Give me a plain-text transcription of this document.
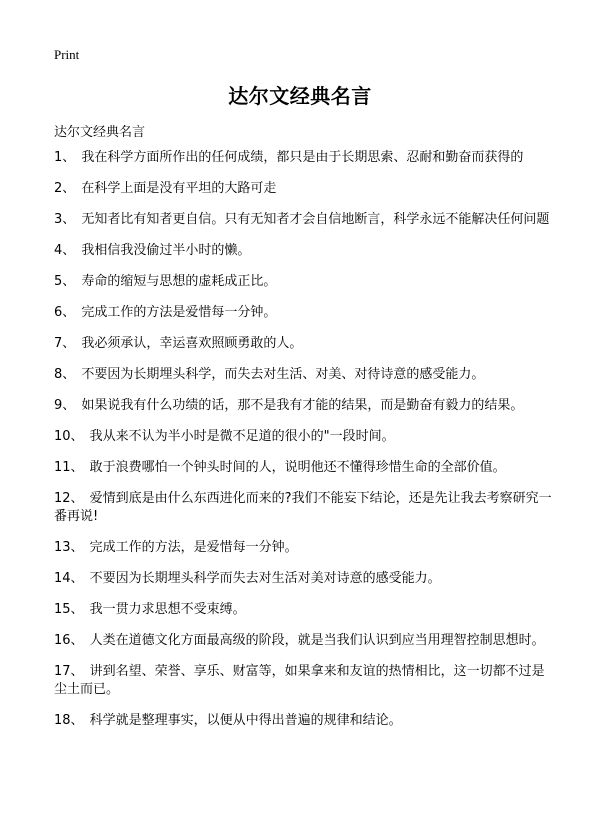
Print
达尔文经典名言

达尔文经典名言

1、 我在科学方面所作出的任何成绩，都只是由于长期思索、忍耐和勤奋而获得的
2、 在科学上面是没有平坦的大路可走
3、 无知者比有知者更自信。只有无知者才会自信地断言，科学永远不能解决任何问题
4、 我相信我没偷过半小时的懒。
5、 寿命的缩短与思想的虚耗成正比。
6、 完成工作的方法是爱惜每一分钟。
7、 我必须承认，幸运喜欢照顾勇敢的人。
8、 不要因为长期埋头科学，而失去对生活、对美、对待诗意的感受能力。
9、 如果说我有什么功绩的话，那不是我有才能的结果，而是勤奋有毅力的结果。
10、 我从来不认为半小时是微不足道的很小的"一段时间。
11、 敢于浪费哪怕一个钟头时间的人，说明他还不懂得珍惜生命的全部价值。
12、 爱情到底是由什么东西进化而来的?我们不能妄下结论，还是先让我去考察研究一番再说!
13、 完成工作的方法，是爱惜每一分钟。
14、 不要因为长期埋头科学而失去对生活对美对诗意的感受能力。
15、 我一贯力求思想不受束缚。
16、 人类在道德文化方面最高级的阶段，就是当我们认识到应当用理智控制思想时。
17、 讲到名望、荣誉、享乐、财富等，如果拿来和友谊的热情相比，这一切都不过是尘土而已。
18、 科学就是整理事实，以便从中得出普遍的规律和结论。
